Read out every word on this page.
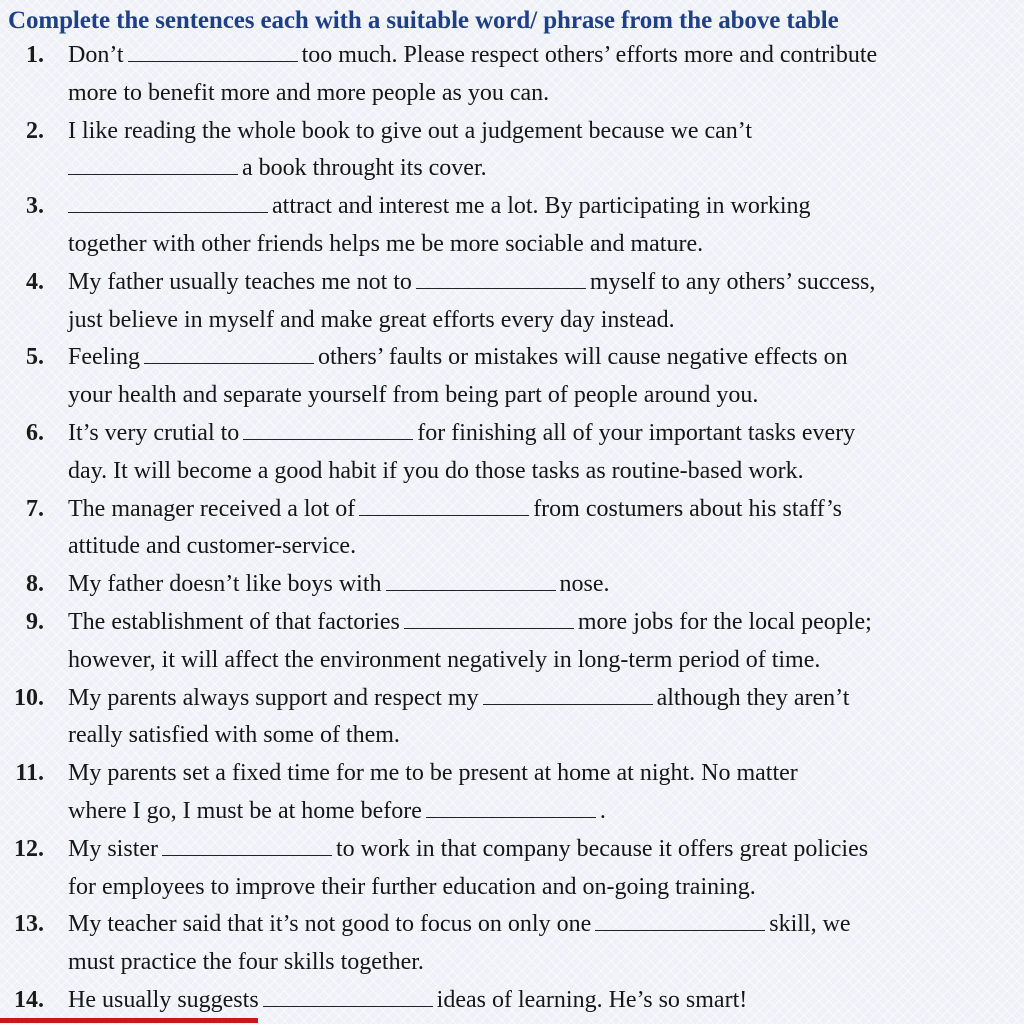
Complete the sentences each with a suitable word/ phrase from the above table
1. Don’t	too much. Please respect others’ efforts more and contribute
more to benefit more and more people as you can.
2. I like reading the whole book to give out a judgement because we can’t
a book throught its cover.
3.	attract and interest me a lot. By participating in working
together with other friends helps me be more sociable and mature.
4. My father usually teaches me not to	myself to any others’ success,
just believe in myself and make great efforts every day instead.
5. Feeling	others’ faults or mistakes will cause negative effects on
your health and separate yourself from being part of people around you.
6. It’s very crutial to	for finishing all of your important tasks every
day. It will become a good habit if you do those tasks as routine-based work.
7. The manager received a lot of	from costumers about his staff’s
attitude and customer-service.
8. My father doesn’t like boys with	nose.
9. The establishment of that factories	more jobs for the local people;
however, it will affect the environment negatively in long-term period of time.
10. My parents always support and respect my	although they aren’t
really satisfied with some of them.
11. My parents set a fixed time for me to be present at home at night. No matter
where I go, I must be at home before	.
12. My sister	to work in that company because it offers great policies
for employees to improve their further education and on-going training.
13. My teacher said that it’s not good to focus on only one	skill, we
must practice the four skills together.
14. He usually suggests	ideas of learning. He’s so smart!
